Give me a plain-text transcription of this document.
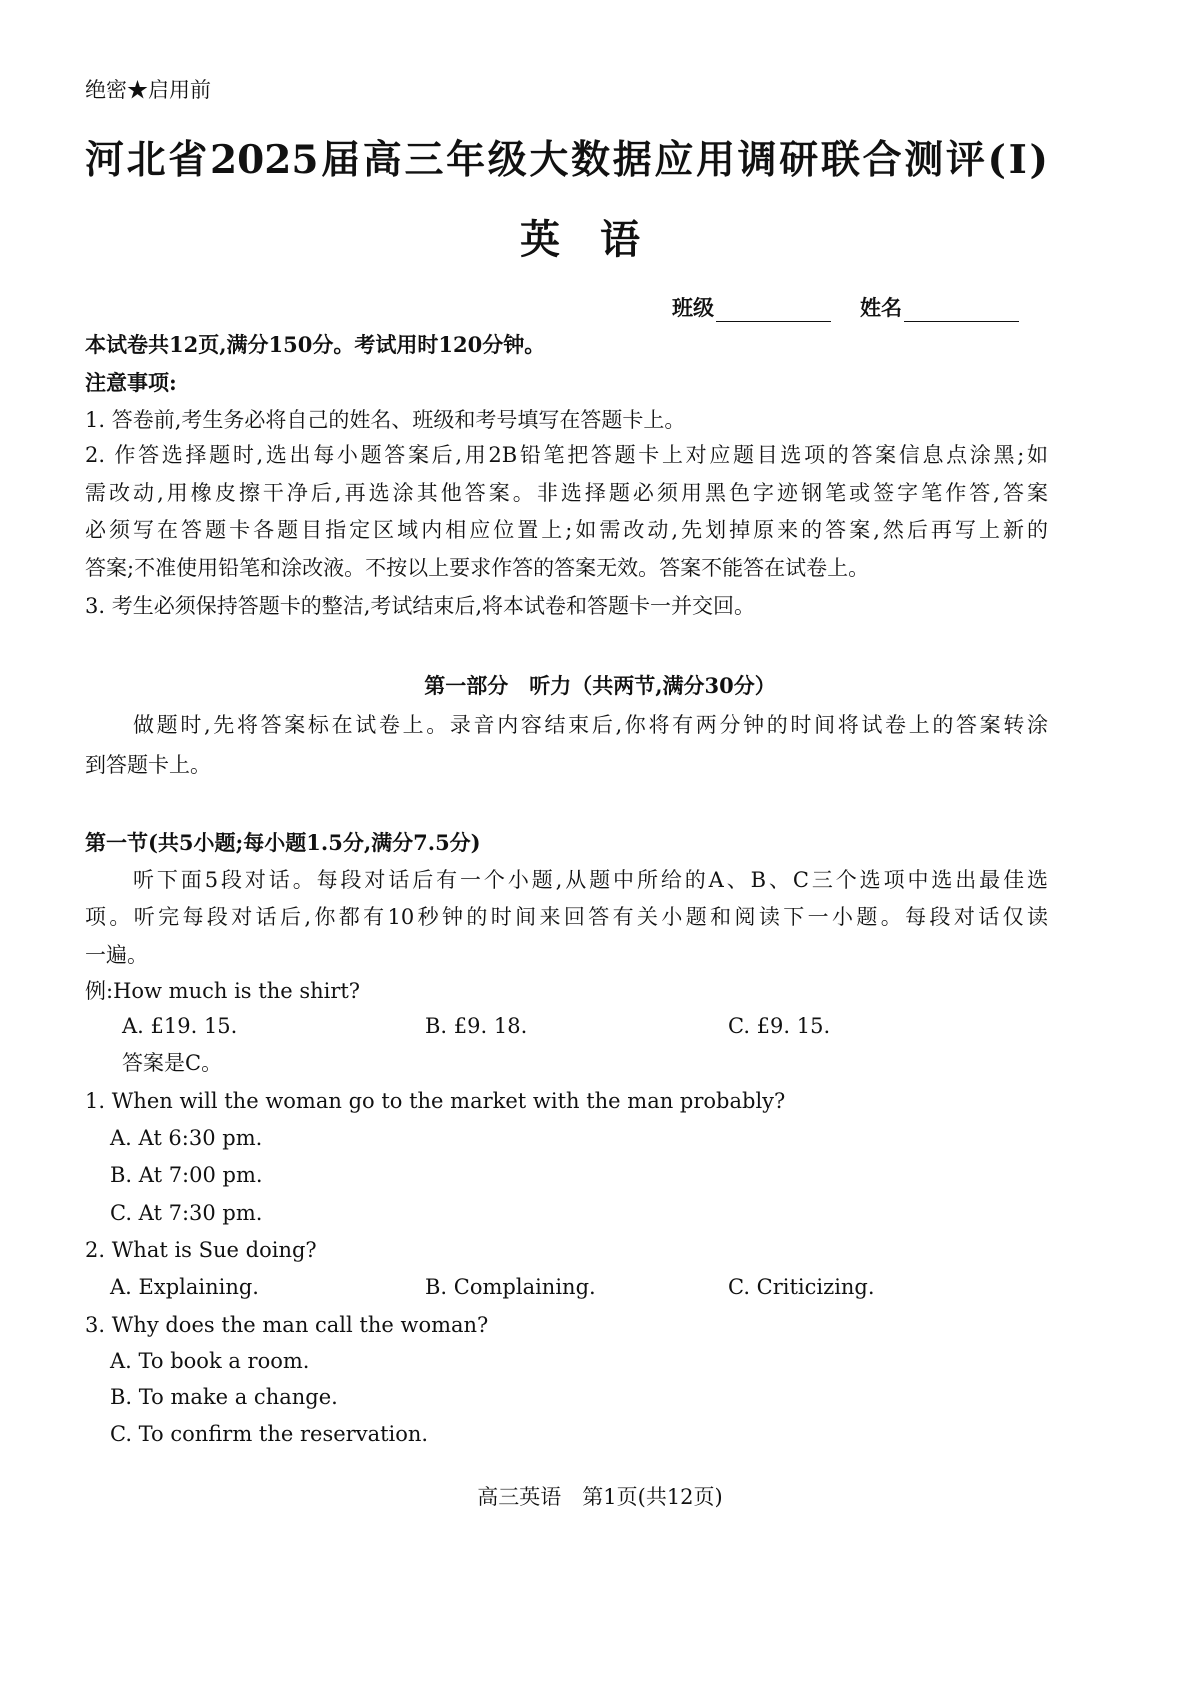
绝密★启用前
河北省2025届高三年级大数据应用调研联合测评(Ⅰ)
英语
班级	姓名
本试卷共12页,满分150分。考试用时120分钟。
注意事项:
1. 答卷前,考生务必将自己的姓名、班级和考号填写在答题卡上。
2. 作答选择题时,选出每小题答案后,用2B铅笔把答题卡上对应题目选项的答案信息点涂黑;如
需改动,用橡皮擦干净后,再选涂其他答案。非选择题必须用黑色字迹钢笔或签字笔作答,答案
必须写在答题卡各题目指定区域内相应位置上;如需改动,先划掉原来的答案,然后再写上新的
答案;不准使用铅笔和涂改液。不按以上要求作答的答案无效。答案不能答在试卷上。
3. 考生必须保持答题卡的整洁,考试结束后,将本试卷和答题卡一并交回。
第一部分　听力（共两节,满分30分）
做题时,先将答案标在试卷上。录音内容结束后,你将有两分钟的时间将试卷上的答案转涂
到答题卡上。
第一节(共5小题;每小题1.5分,满分7.5分)
听下面5段对话。每段对话后有一个小题,从题中所给的A、B、C三个选项中选出最佳选
项。听完每段对话后,你都有10秒钟的时间来回答有关小题和阅读下一小题。每段对话仅读
一遍。
例:How much is the shirt?
A. £19. 15.	B. £9. 18.	C. £9. 15.
答案是C。
1. When will the woman go to the market with the man probably?
A. At 6:30 pm.
B. At 7:00 pm.
C. At 7:30 pm.
2. What is Sue doing?
A. Explaining.	B. Complaining.	C. Criticizing.
3. Why does the man call the woman?
A. To book a room.
B. To make a change.
C. To confirm the reservation.
高三英语　第1页(共12页)
